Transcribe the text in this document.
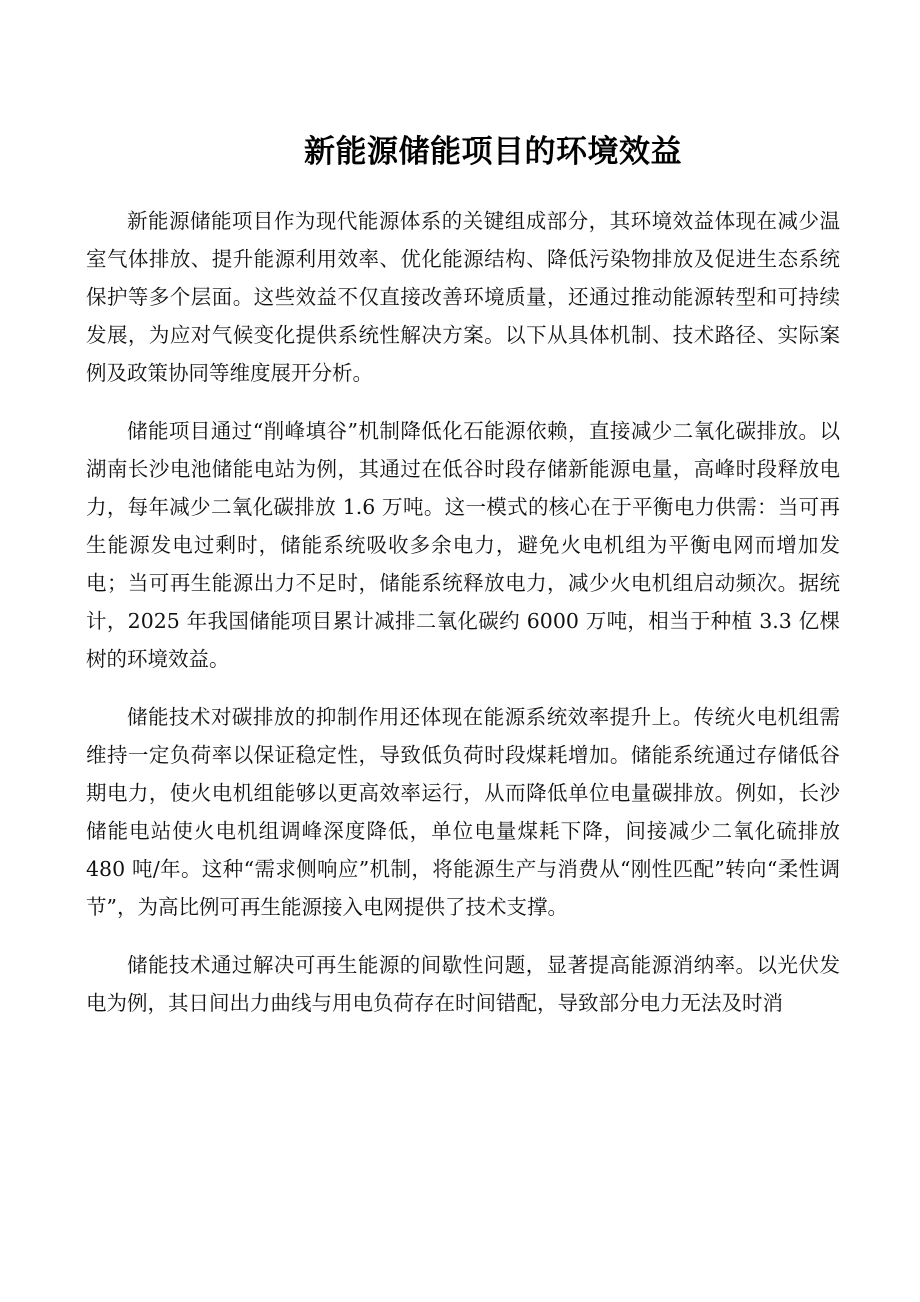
新能源储能项目的环境效益

新能源储能项目作为现代能源体系的关键组成部分，其环境效益体现在减少温室气体排放、提升能源利用效率、优化能源结构、降低污染物排放及促进生态系统保护等多个层面。这些效益不仅直接改善环境质量，还通过推动能源转型和可持续发展，为应对气候变化提供系统性解决方案。以下从具体机制、技术路径、实际案例及政策协同等维度展开分析。

储能项目通过“削峰填谷”机制降低化石能源依赖，直接减少二氧化碳排放。以湖南长沙电池储能电站为例，其通过在低谷时段存储新能源电量，高峰时段释放电力，每年减少二氧化碳排放 1.6 万吨。这一模式的核心在于平衡电力供需：当可再生能源发电过剩时，储能系统吸收多余电力，避免火电机组为平衡电网而增加发电；当可再生能源出力不足时，储能系统释放电力，减少火电机组启动频次。据统计，2025 年我国储能项目累计减排二氧化碳约 6000 万吨，相当于种植 3.3 亿棵树的环境效益。

储能技术对碳排放的抑制作用还体现在能源系统效率提升上。传统火电机组需维持一定负荷率以保证稳定性，导致低负荷时段煤耗增加。储能系统通过存储低谷期电力，使火电机组能够以更高效率运行，从而降低单位电量碳排放。例如，长沙储能电站使火电机组调峰深度降低，单位电量煤耗下降，间接减少二氧化硫排放 480 吨/年。这种“需求侧响应”机制，将能源生产与消费从“刚性匹配”转向“柔性调节”，为高比例可再生能源接入电网提供了技术支撑。

储能技术通过解决可再生能源的间歇性问题，显著提高能源消纳率。以光伏发电为例，其日间出力曲线与用电负荷存在时间错配，导致部分电力无法及时消
